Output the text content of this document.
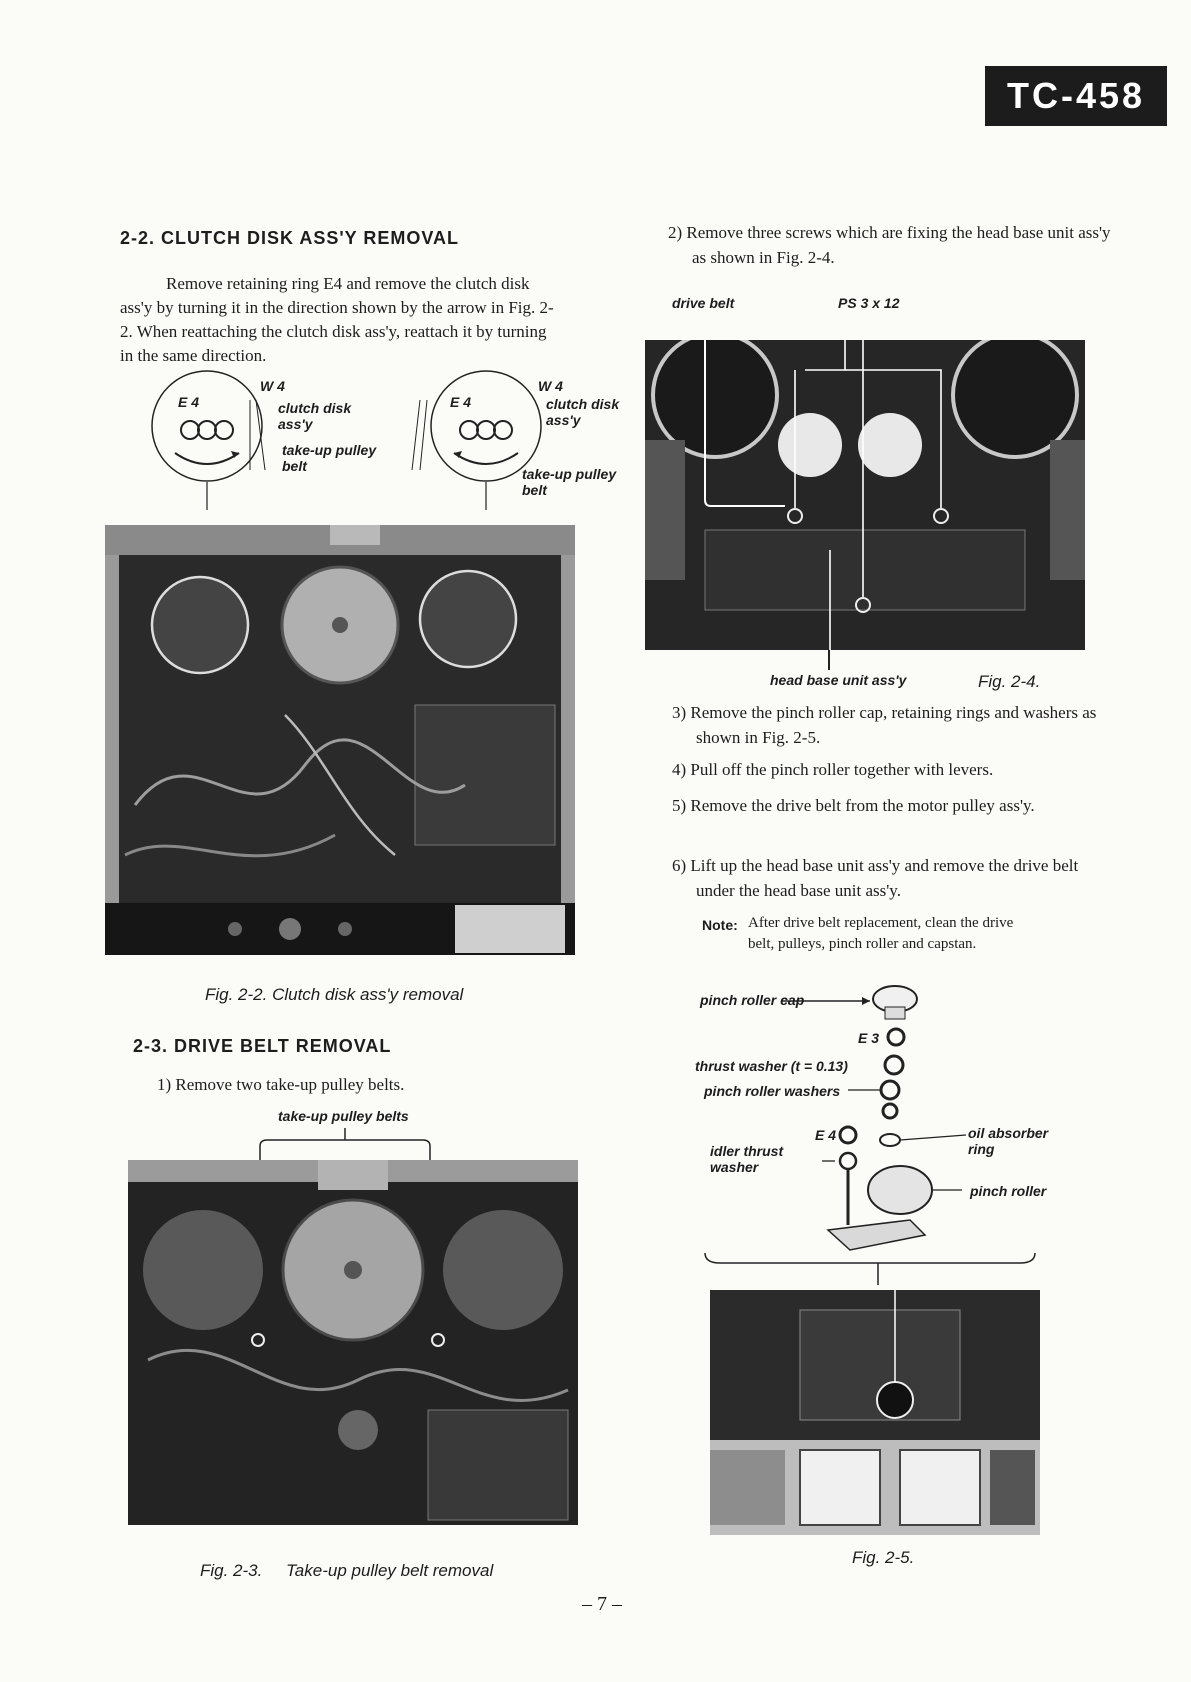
TC-458
2-2. CLUTCH DISK ASS'Y REMOVAL
Remove retaining ring E4 and remove the clutch disk ass'y by turning it in the direction shown by the arrow in Fig. 2-2. When reattaching the clutch disk ass'y, reattach it by turning in the same direction.
E 4
W 4
clutch disk ass'y
take-up pulley belt
E 4
W 4
clutch disk ass'y
take-up pulley belt
Fig. 2-2. Clutch disk ass'y removal
2-3. DRIVE BELT REMOVAL
1) Remove two take-up pulley belts.
take-up pulley belts
Fig. 2-3.     Take-up pulley belt removal
2) Remove three screws which are fixing the head base unit ass'y as shown in Fig. 2-4.
drive belt	PS 3 x 12
head base unit ass'y	Fig. 2-4.
3) Remove the pinch roller cap, retaining rings and washers as shown in Fig. 2-5.
4) Pull off the pinch roller together with levers.
5) Remove the drive belt from the motor pulley ass'y.
6) Lift up the head base unit ass'y and remove the drive belt under the head base unit ass'y.
Note: After drive belt replacement, clean the drive belt, pulleys, pinch roller and capstan.
pinch roller cap
E 3
thrust washer (t = 0.13)
pinch roller washers
E 4
idler thrust washer
oil absorber ring
pinch roller
Fig. 2-5.
– 7 –
